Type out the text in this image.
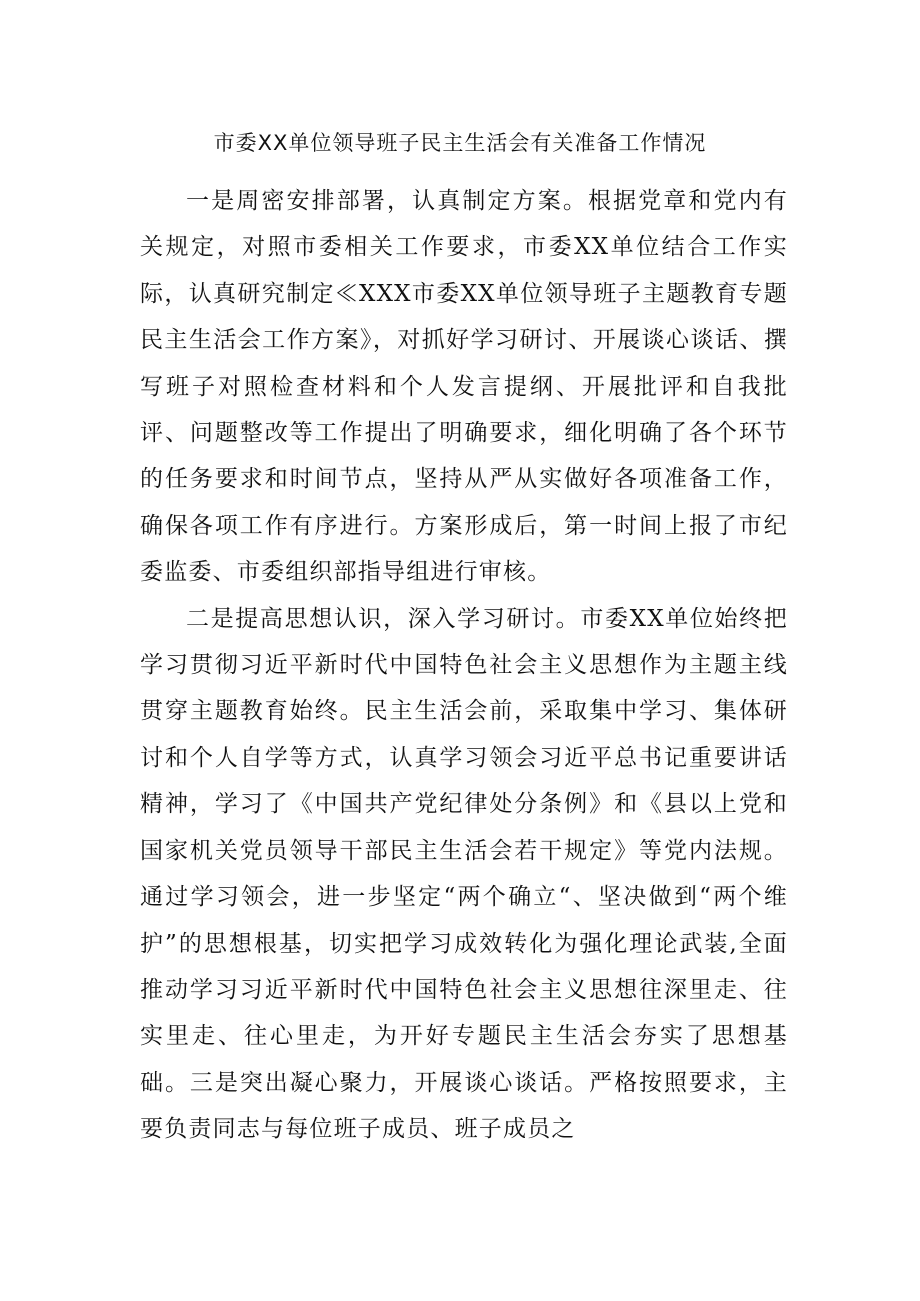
市委XX单位领导班子民主生活会有关准备工作情况

一是周密安排部署，认真制定方案。根据党章和党内有关规定，对照市委相关工作要求，市委XX单位结合工作实际，认真研究制定≪XXX市委XX单位领导班子主题教育专题民主生活会工作方案》，对抓好学习研讨、开展谈心谈话、撰写班子对照检查材料和个人发言提纲、开展批评和自我批评、问题整改等工作提出了明确要求，细化明确了各个环节的任务要求和时间节点，坚持从严从实做好各项准备工作，确保各项工作有序进行。方案形成后，第一时间上报了市纪委监委、市委组织部指导组进行审核。

二是提高思想认识，深入学习研讨。市委XX单位始终把学习贯彻习近平新时代中国特色社会主义思想作为主题主线贯穿主题教育始终。民主生活会前，采取集中学习、集体研讨和个人自学等方式，认真学习领会习近平总书记重要讲话精神，学习了《中国共产党纪律处分条例》和《县以上党和国家机关党员领导干部民主生活会若干规定》等党内法规。通过学习领会，进一步坚定“两个确立“、坚决做到“两个维护”的思想根基，切实把学习成效转化为强化理论武装,全面推动学习习近平新时代中国特色社会主义思想往深里走、往实里走、往心里走，为开好专题民主生活会夯实了思想基础。三是突出凝心聚力，开展谈心谈话。严格按照要求，主要负责同志与每位班子成员、班子成员之
